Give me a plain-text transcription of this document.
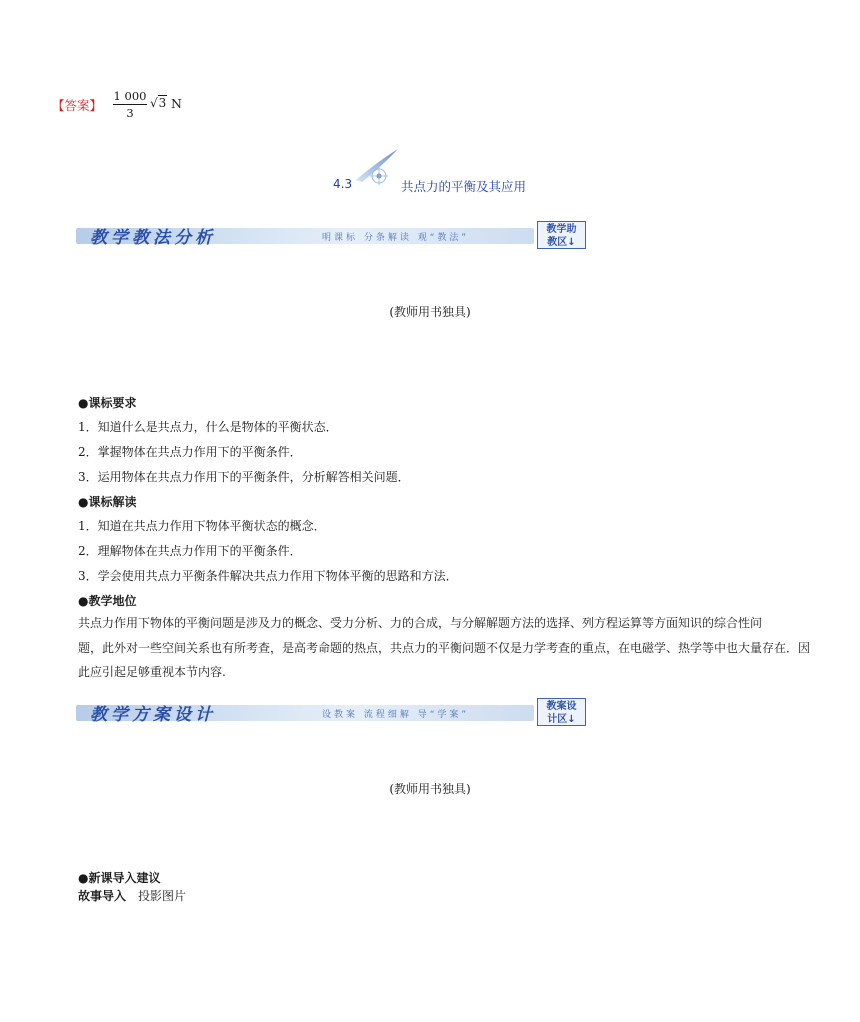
【答案】 $\frac{1 000}{3} √3$ N
4.3	共点力的平衡及其应用
教学教法分析	明课标 分条解读 观“教法”
教学助
教区↓
(教师用书独具)
●课标要求
1．知道什么是共点力，什么是物体的平衡状态．
2．掌握物体在共点力作用下的平衡条件．
3．运用物体在共点力作用下的平衡条件，分析解答相关问题．
●课标解读
1．知道在共点力作用下物体平衡状态的概念．
2．理解物体在共点力作用下的平衡条件．
3．学会使用共点力平衡条件解决共点力作用下物体平衡的思路和方法．
●教学地位
共点力作用下物体的平衡问题是涉及力的概念、受力分析、力的合成，与分解解题方法的选择、列方程运算等方面知识的综合性问
题，此外对一些空间关系也有所考查，是高考命题的热点，共点力的平衡问题不仅是力学考查的重点，在电磁学、热学等中也大量存在．因
此应引起足够重视本节内容.
教学方案设计	设教案 流程细解 导“学案”
教案设
计区↓
(教师用书独具)
●新课导入建议
故事导入 投影图片
